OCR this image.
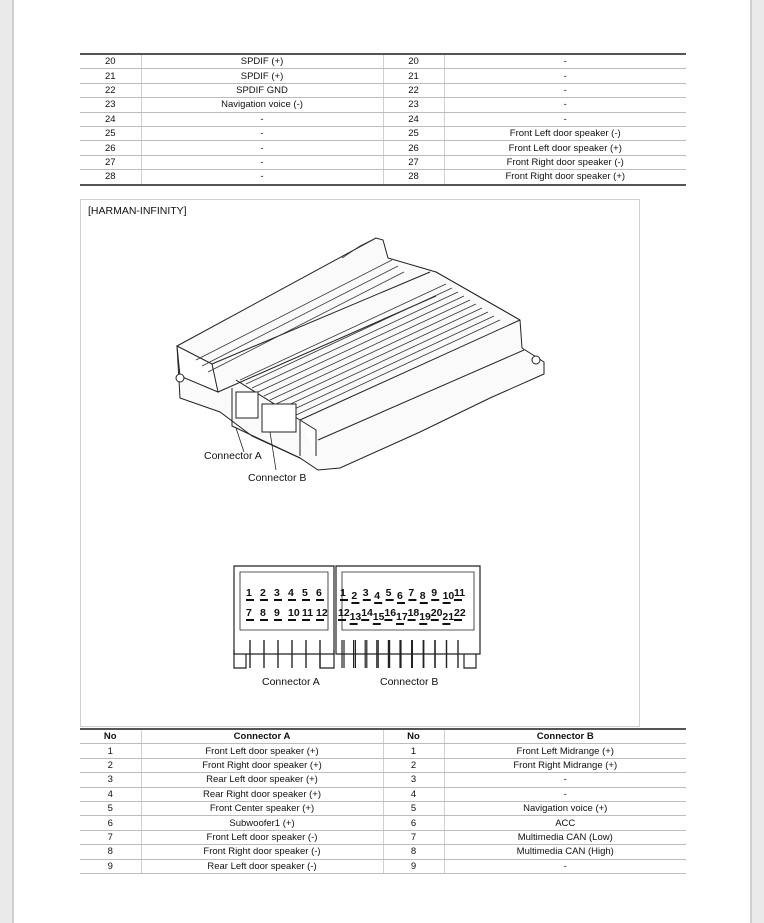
20	SPDIF (+)	20	-
21	SPDIF (+)	21	-
22	SPDIF GND	22	-
23	Navigation voice (-)	23	-
24	-	24	-
25	-	25	Front Left door speaker (-)
26	-	26	Front Left door speaker (+)
27	-	27	Front Right door speaker (-)
28	-	28	Front Right door speaker (+)
[HARMAN-INFINITY]
Connector A
Connector B
1 2 3 4 5 6
7 8 9 10 11 12
1 2 3 4 5 6 7 8 9 10 11
12 13 14 15 16 17 18 19 20 21 22
Connector A	Connector B
No	Connector A	No	Connector B
1	Front Left door speaker (+)	1	Front Left Midrange (+)
2	Front Right door speaker (+)	2	Front Right Midrange (+)
3	Rear Left door speaker (+)	3	-
4	Rear Right door speaker (+)	4	-
5	Front Center speaker (+)	5	Navigation voice (+)
6	Subwoofer1 (+)	6	ACC
7	Front Left door speaker (-)	7	Multimedia CAN (Low)
8	Front Right door speaker (-)	8	Multimedia CAN (High)
9	Rear Left door speaker (-)	9	-
